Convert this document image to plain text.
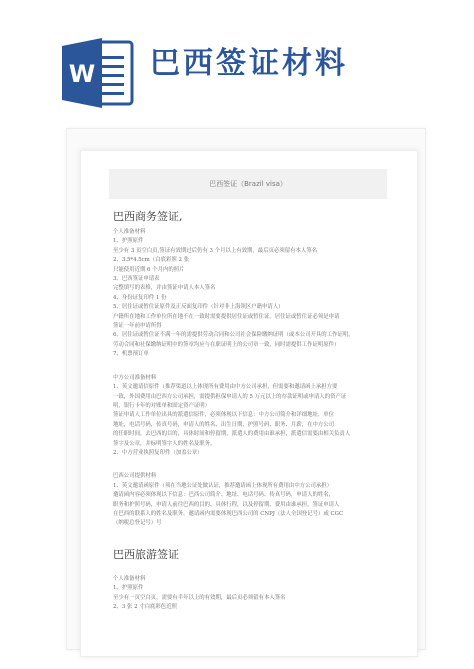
W 巴西签证材料
巴西签证（Brazil visa）
巴西商务签证,

个人准备材料

1、护照原件

至少有 3 页空白页,签证有效期过后仍有 3 个月以上有效期，最后页必须留有本人签名

2、3.5*4.5cm（白底彩照 2 张

只能使用近期 6 个月内的照片

3、巴西签证申请表

完整填写的表格，并由签证申请人本人签名

4、身份证复印件 1 份

5、居住证或暂住证原件及正反面复印件（针对非上海领区户籍申请人）

户籍所在地和工作单位所在地不在一致时需要提供居住证或暂住证。居住证或暂住证必须是申请

签证一年前申请所得

6、居住证或暂住证不满一年的需提供劳动合同和公司社会保险缴纳证明（或本公司开具的工作证明，

劳动合同和社保缴纳证明中的签章均应与在职证明上的公司章一致，同时需提供工作证明原件）

7、机票预订单

中方公司准备材料

1、英文邀请信原件（推荐渠道以上体现所有费用由中方公司承担，但需要和邀请函上承担方要

一致，外国费用由巴西方公司承担，需提供担保申请人的 5 万元以上的存款证明或申请人的资产证

明，银行卡年的对账单和固定资产证明）

签证申请人工作单位出具的派遣信原件，必须体现以下信息：中方公司简介和详细地址，单位

地址，电话号码，传真号码，申请人的姓名、出生日期、护照号码、职务、月薪，在中方公司

的任职时间，去巴西的目的，具体时间和停留期，派遣人的费用由谁承担，派遣信需要由相关负责人

签字及公章，并标明签字人的姓名及职务。

2、中方营业执照复印件（加盖公章）

巴西公司提供材料

1、英文邀请函原件（须在当地公证处做认证，推荐邀请函上体现所有费用由中方公司承担）

邀请函内容必须体现以下信息：巴西公司简介、地址、电话号码、传真号码，申请人的姓名，

职务和护照号码，申请人前往巴西的目的、具体行程，以及停留期，费用由谁承担，签证申请人

在巴西的联系人的姓名及职务。邀请函内需要体现巴西公司的 CNPJ（法人全国登记号）或 CGC

（纳税总登记号）号

巴西旅游签证

个人准备材料

1、护照原件

至少有一页空白页，需要有半年以上的有效期，最后页必须留有本人签名

2、3 张 2 寸白底彩色近照
